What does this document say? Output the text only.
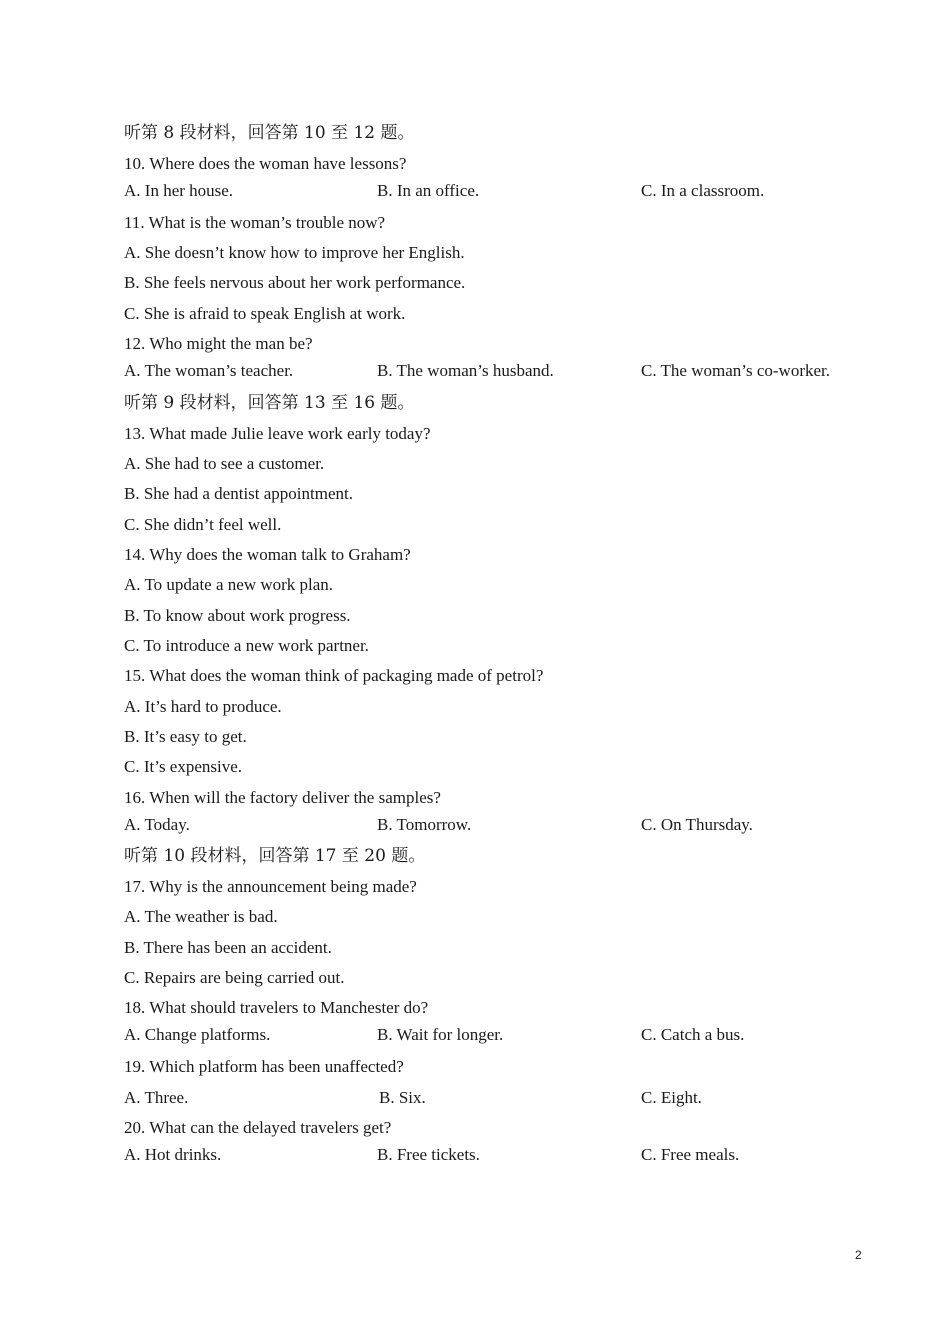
听第 8 段材料，回答第 10 至 12 题。
10. Where does the woman have lessons?
A. In her house.	B. In an office.	C. In a classroom.
11. What is the woman’s trouble now?
A. She doesn’t know how to improve her English.
B. She feels nervous about her work performance.
C. She is afraid to speak English at work.
12. Who might the man be?
A. The woman’s teacher.	B. The woman’s husband.	C. The woman’s co-worker.
听第 9 段材料，回答第 13 至 16 题。
13. What made Julie leave work early today?
A. She had to see a customer.
B. She had a dentist appointment.
C. She didn’t feel well.
14. Why does the woman talk to Graham?
A. To update a new work plan.
B. To know about work progress.
C. To introduce a new work partner.
15. What does the woman think of packaging made of petrol?
A. It’s hard to produce.
B. It’s easy to get.
C. It’s expensive.
16. When will the factory deliver the samples?
A. Today.	B. Tomorrow.	C. On Thursday.
听第 10 段材料，回答第 17 至 20 题。
17. Why is the announcement being made?
A. The weather is bad.
B. There has been an accident.
C. Repairs are being carried out.
18. What should travelers to Manchester do?
A. Change platforms.	B. Wait for longer.	C. Catch a bus.
19. Which platform has been unaffected?
A. Three.	B. Six.	C. Eight.
20. What can the delayed travelers get?
A. Hot drinks.	B. Free tickets.	C. Free meals.
2
